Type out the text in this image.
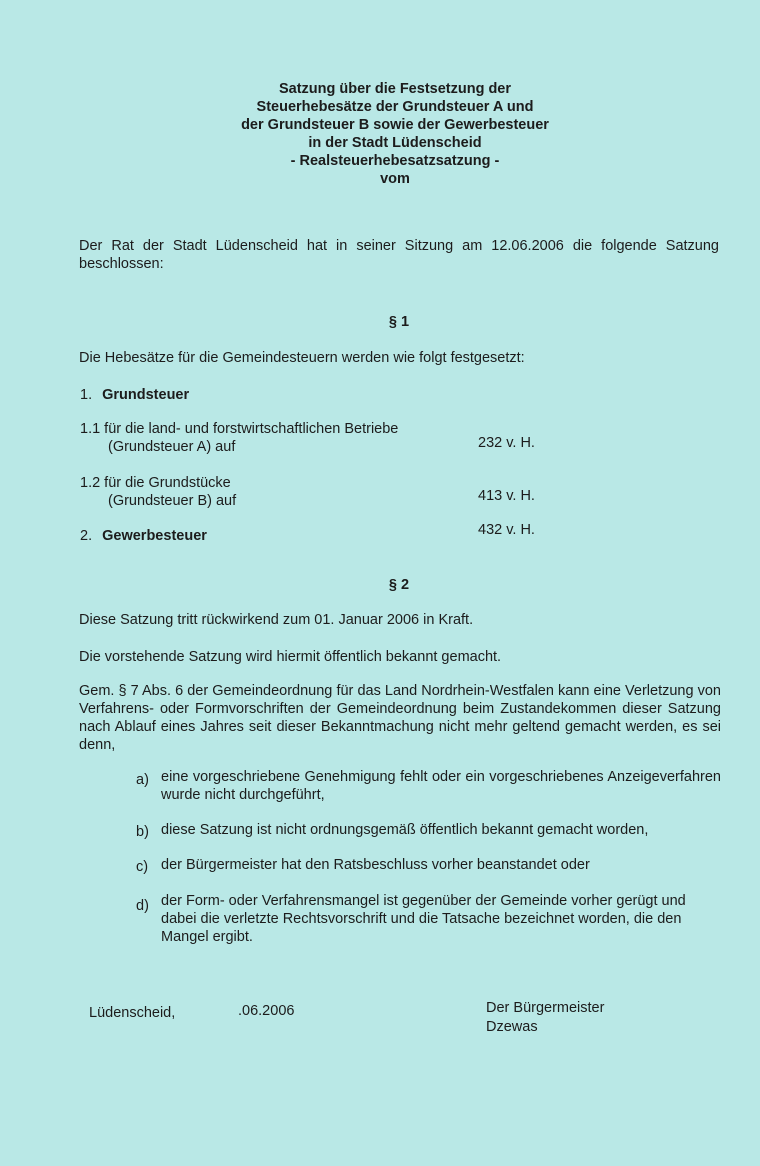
Satzung über die Festsetzung der
Steuerhebesätze der Grundsteuer A und
der Grundsteuer B sowie der Gewerbesteuer
in der Stadt Lüdenscheid
- Realsteuerhebesatzsatzung -
vom

Der Rat der Stadt Lüdenscheid hat in seiner Sitzung am 12.06.2006 die folgende Satzung beschlossen:

§ 1

Die Hebesätze für die Gemeindesteuern werden wie folgt festgesetzt:

1. Grundsteuer
1.1 für die land- und forstwirtschaftlichen Betriebe
(Grundsteuer A) auf	232 v. H.
1.2 für die Grundstücke
(Grundsteuer B) auf	413 v. H.
2. Gewerbesteuer	432 v. H.
§ 2

Diese Satzung tritt rückwirkend zum 01. Januar 2006 in Kraft.

Die vorstehende Satzung wird hiermit öffentlich bekannt gemacht.

Gem. § 7 Abs. 6 der Gemeindeordnung für das Land Nordrhein-Westfalen kann eine Verletzung von Verfahrens- oder Formvorschriften der Gemeindeordnung beim Zustandekommen dieser Satzung nach Ablauf eines Jahres seit dieser Bekanntmachung nicht mehr geltend gemacht werden, es sei denn,

a) eine vorgeschriebene Genehmigung fehlt oder ein vorgeschriebenes Anzeigeverfahren wurde nicht durchgeführt,
b) diese Satzung ist nicht ordnungsgemäß öffentlich bekannt gemacht worden,
c) der Bürgermeister hat den Ratsbeschluss vorher beanstandet oder
d) der Form- oder Verfahrensmangel ist gegenüber der Gemeinde vorher gerügt und dabei die verletzte Rechtsvorschrift und die Tatsache bezeichnet worden, die den Mangel ergibt.
Lüdenscheid,	.06.2006	Der Bürgermeister
Dzewas
